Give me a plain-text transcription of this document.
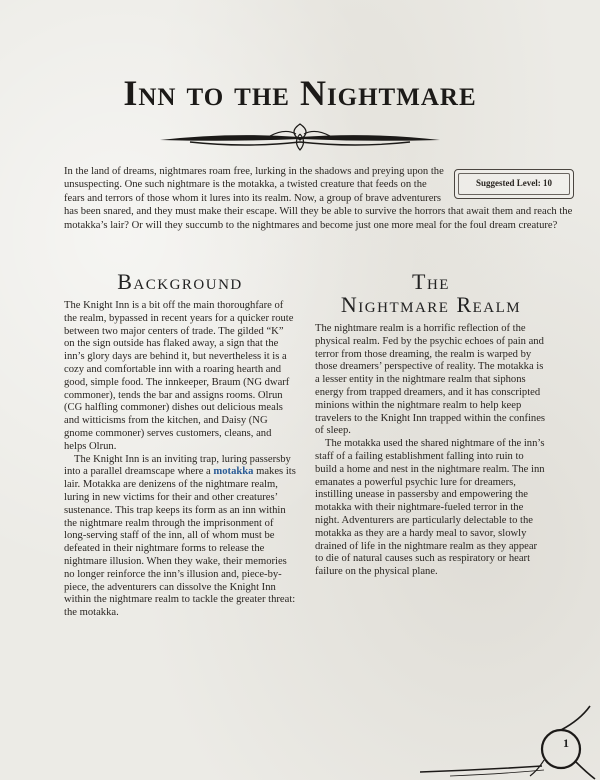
Inn to the Nightmare
Suggested Level: 10
In the land of dreams, nightmares roam free, lurking in the shadows and preying upon the unsuspecting. One such nightmare is the motakka, a twisted creature that feeds on the fears and terrors of those whom it lures into its realm. Now, a group of brave adventurers has been snared, and they must make their escape. Will they be able to survive the horrors that await them and reach the motakka’s lair? Or will they succumb to the nightmares and become just one more meal for the foul dream creature?
Background

The Knight Inn is a bit off the main thoroughfare of the realm, bypassed in recent years for a quicker route between two major centers of trade. The gilded “K” on the sign outside has flaked away, a sign that the inn’s glory days are behind it, but nevertheless it is a cozy and comfortable inn with a roaring hearth and good, simple food. The innkeeper, Braum (NG dwarf commoner), tends the bar and assigns rooms. Olrun (CG halfling commoner) dishes out delicious meals and witticisms from the kitchen, and Daisy (NG gnome commoner) serves customers, cleans, and helps Olrun.

The Knight Inn is an inviting trap, luring passersby into a parallel dreamscape where a motakka makes its lair. Motakka are denizens of the nightmare realm, luring in new victims for their and other creatures’ sustenance. This trap keeps its form as an inn within the nightmare realm through the imprisonment of long-serving staff of the inn, all of whom must be defeated in their nightmare forms to release the nightmare illusion. When they wake, their memories no longer reinforce the inn’s illusion and, piece-by-piece, the adventurers can dissolve the Knight Inn within the nightmare realm to tackle the greater threat: the motakka.

The
Nightmare Realm

The nightmare realm is a horrific reflection of the physical realm. Fed by the psychic echoes of pain and terror from those dreaming, the realm is warped by those dreamers’ perspective of reality. The motakka is a lesser entity in the nightmare realm that siphons energy from trapped dreamers, and it has conscripted minions within the nightmare realm to help keep travelers to the Knight Inn trapped within the confines of sleep.

The motakka used the shared nightmare of the inn’s staff of a failing establishment falling into ruin to build a home and nest in the nightmare realm. The inn emanates a powerful psychic lure for dreamers, instilling unease in passersby and empowering the motakka with their nightmare-fueled terror in the night. Adventurers are particularly delectable to the motakka as they are a hardy meal to savor, slowly drained of life in the nightmare realm as they appear to die of natural causes such as respiratory or heart failure on the physical plane.

1
